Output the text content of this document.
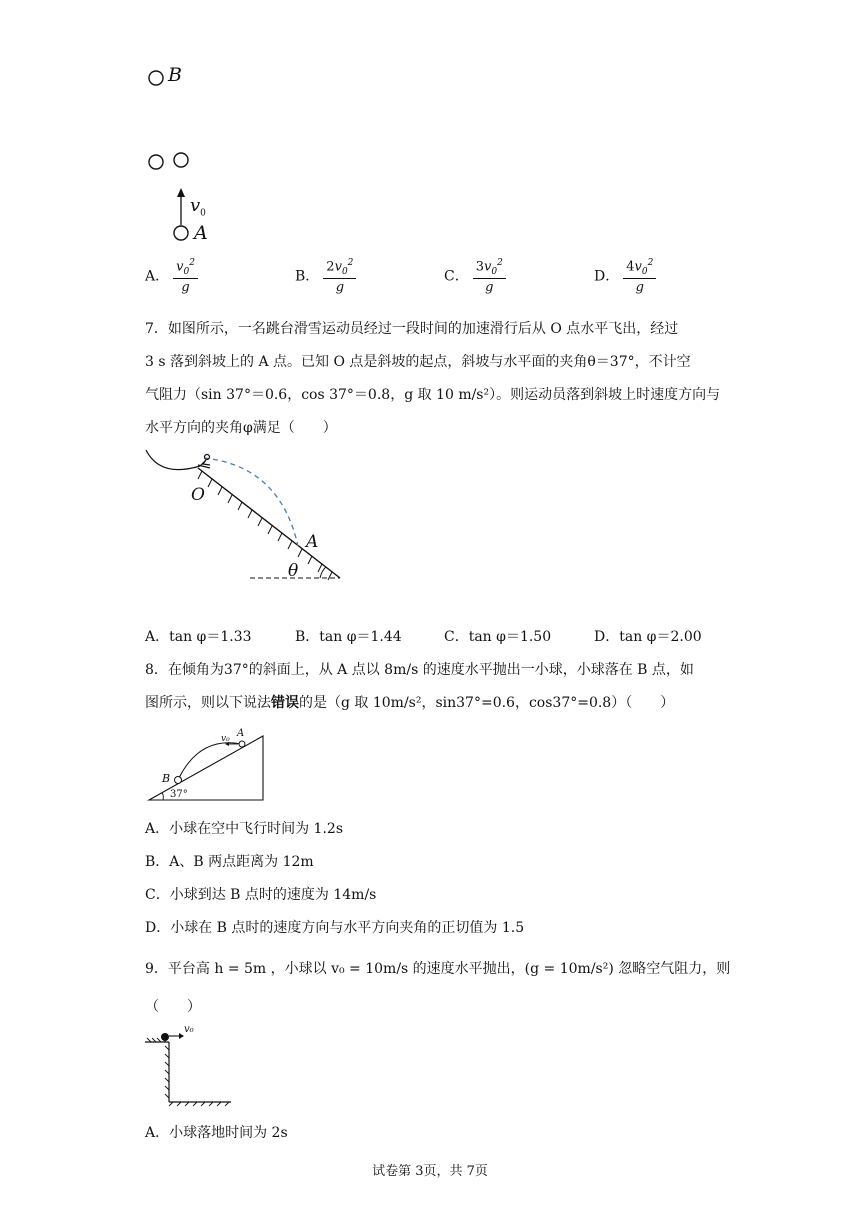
B
$v_0$
A
A． $\frac{v_0^2}{g}$	B． $\frac{2v_0^2}{g}$	C． $\frac{3v_0^2}{g}$	D． $\frac{4v_0^2}{g}$
7．如图所示，一名跳台滑雪运动员经过一段时间的加速滑行后从 O 点水平飞出，经过
3 s 落到斜坡上的 A 点。已知 O 点是斜坡的起点，斜坡与水平面的夹角θ＝37°，不计空
气阻力（sin 37°＝0.6，cos 37°＝0.8，g 取 10 m/s²）。则运动员落到斜坡上时速度方向与
水平方向的夹角φ满足（　　）
O
A
θ
A．tan φ＝1.33	B．tan φ＝1.44	C．tan φ＝1.50	D．tan φ＝2.00
8．在倾角为37°的斜面上，从 A 点以 8m/s 的速度水平抛出一小球，小球落在 B 点，如
图所示，则以下说法错误的是（g 取 10m/s²，sin37°=0.6，cos37°=0.8）（　　）
v₀ A
B
37°
A．小球在空中飞行时间为 1.2s
B．A、B 两点距离为 12m
C．小球到达 B 点时的速度为 14m/s
D．小球在 B 点时的速度方向与水平方向夹角的正切值为 1.5
9．平台高 h = 5m ，小球以 v₀ = 10m/s 的速度水平抛出，(g = 10m/s²) 忽略空气阻力，则
（　　）
v₀
A．小球落地时间为 2s
试卷第 3页，共 7页
